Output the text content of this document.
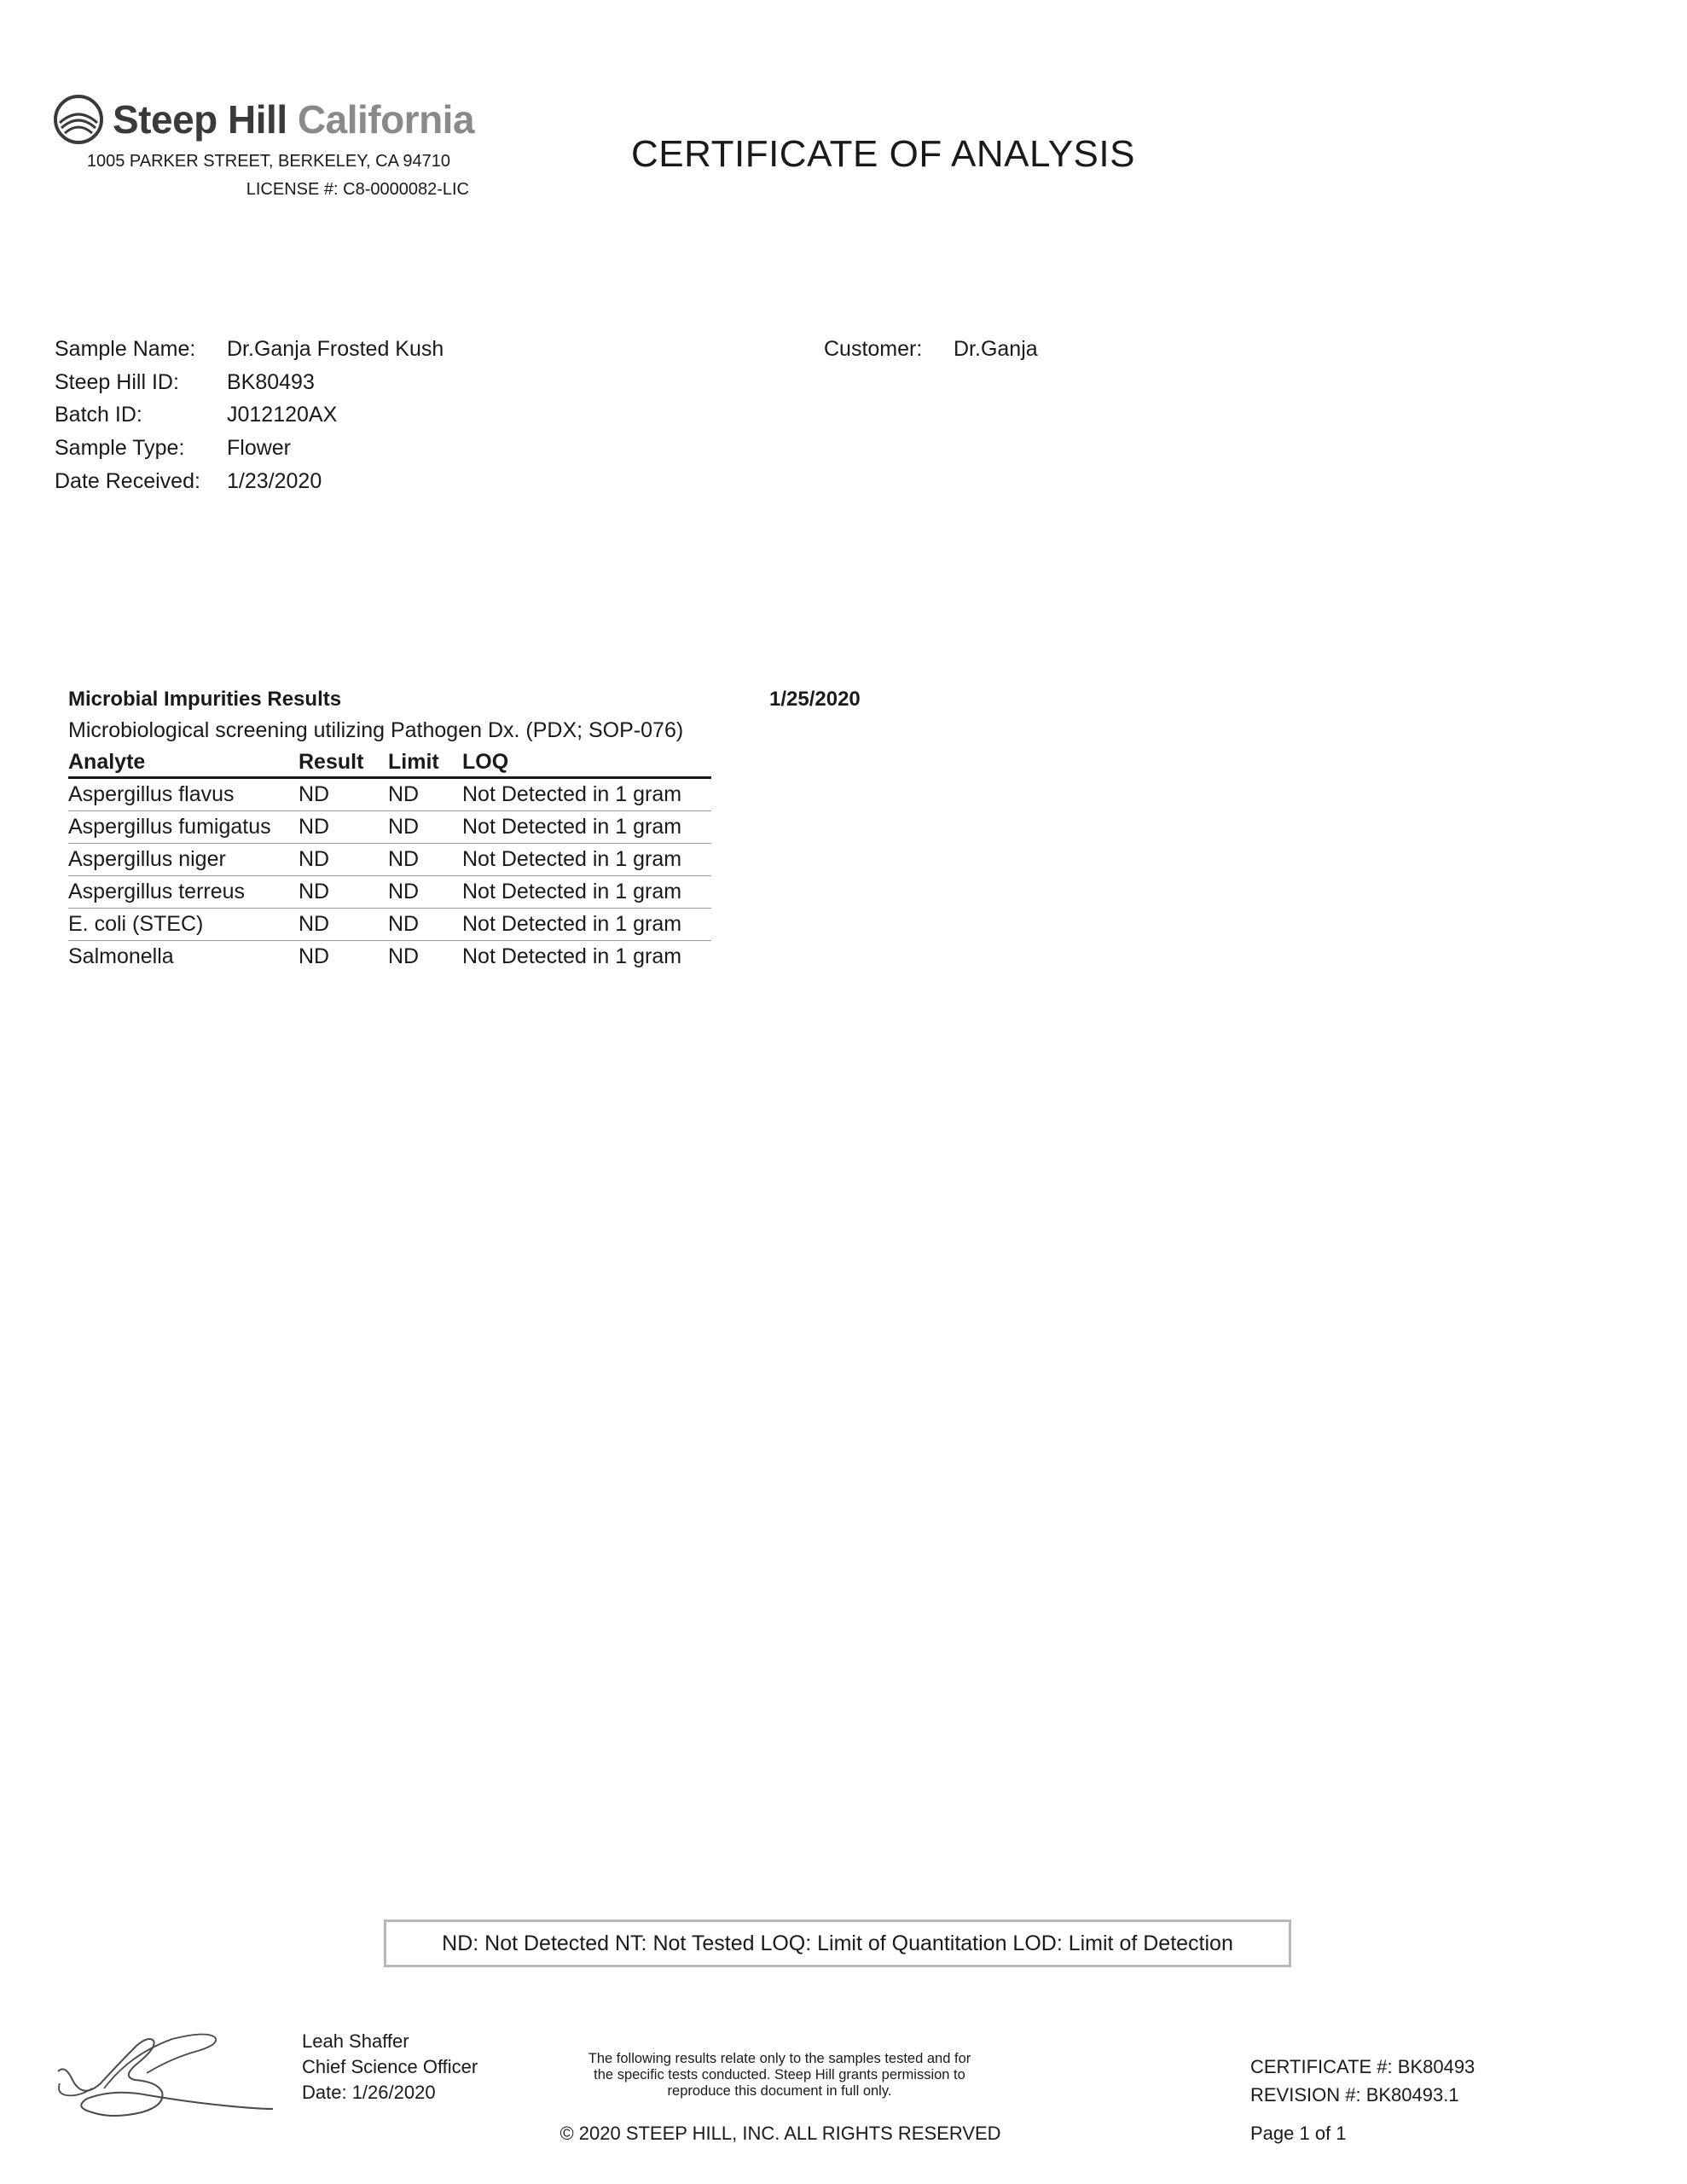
Steep Hill California
1005 PARKER STREET, BERKELEY, CA 94710
LICENSE #: C8-0000082-LIC
CERTIFICATE OF ANALYSIS
Sample Name: Dr.Ganja Frosted Kush
Steep Hill ID: BK80493
Batch ID:	J012120AX
Sample Type: Flower
Date Received: 1/23/2020
Customer: Dr.Ganja
Microbial Impurities Results	1/25/2020
Microbiological screening utilizing Pathogen Dx. (PDX; SOP-076)
Analyte	Result	Limit	LOQ
Aspergillus flavus	ND	ND	Not Detected in 1 gram
Aspergillus fumigatus	ND	ND	Not Detected in 1 gram
Aspergillus niger	ND	ND	Not Detected in 1 gram
Aspergillus terreus	ND	ND	Not Detected in 1 gram
E. coli (STEC)	ND	ND	Not Detected in 1 gram
Salmonella	ND	ND	Not Detected in 1 gram
ND: Not Detected NT: Not Tested LOQ: Limit of Quantitation LOD: Limit of Detection
Leah Shaffer
Chief Science Officer
Date: 1/26/2020
The following results relate only to the samples tested and for
the specific tests conducted. Steep Hill grants permission to
reproduce this document in full only.
© 2020 STEEP HILL, INC. ALL RIGHTS RESERVED
CERTIFICATE #: BK80493
REVISION #: BK80493.1
Page 1 of 1
